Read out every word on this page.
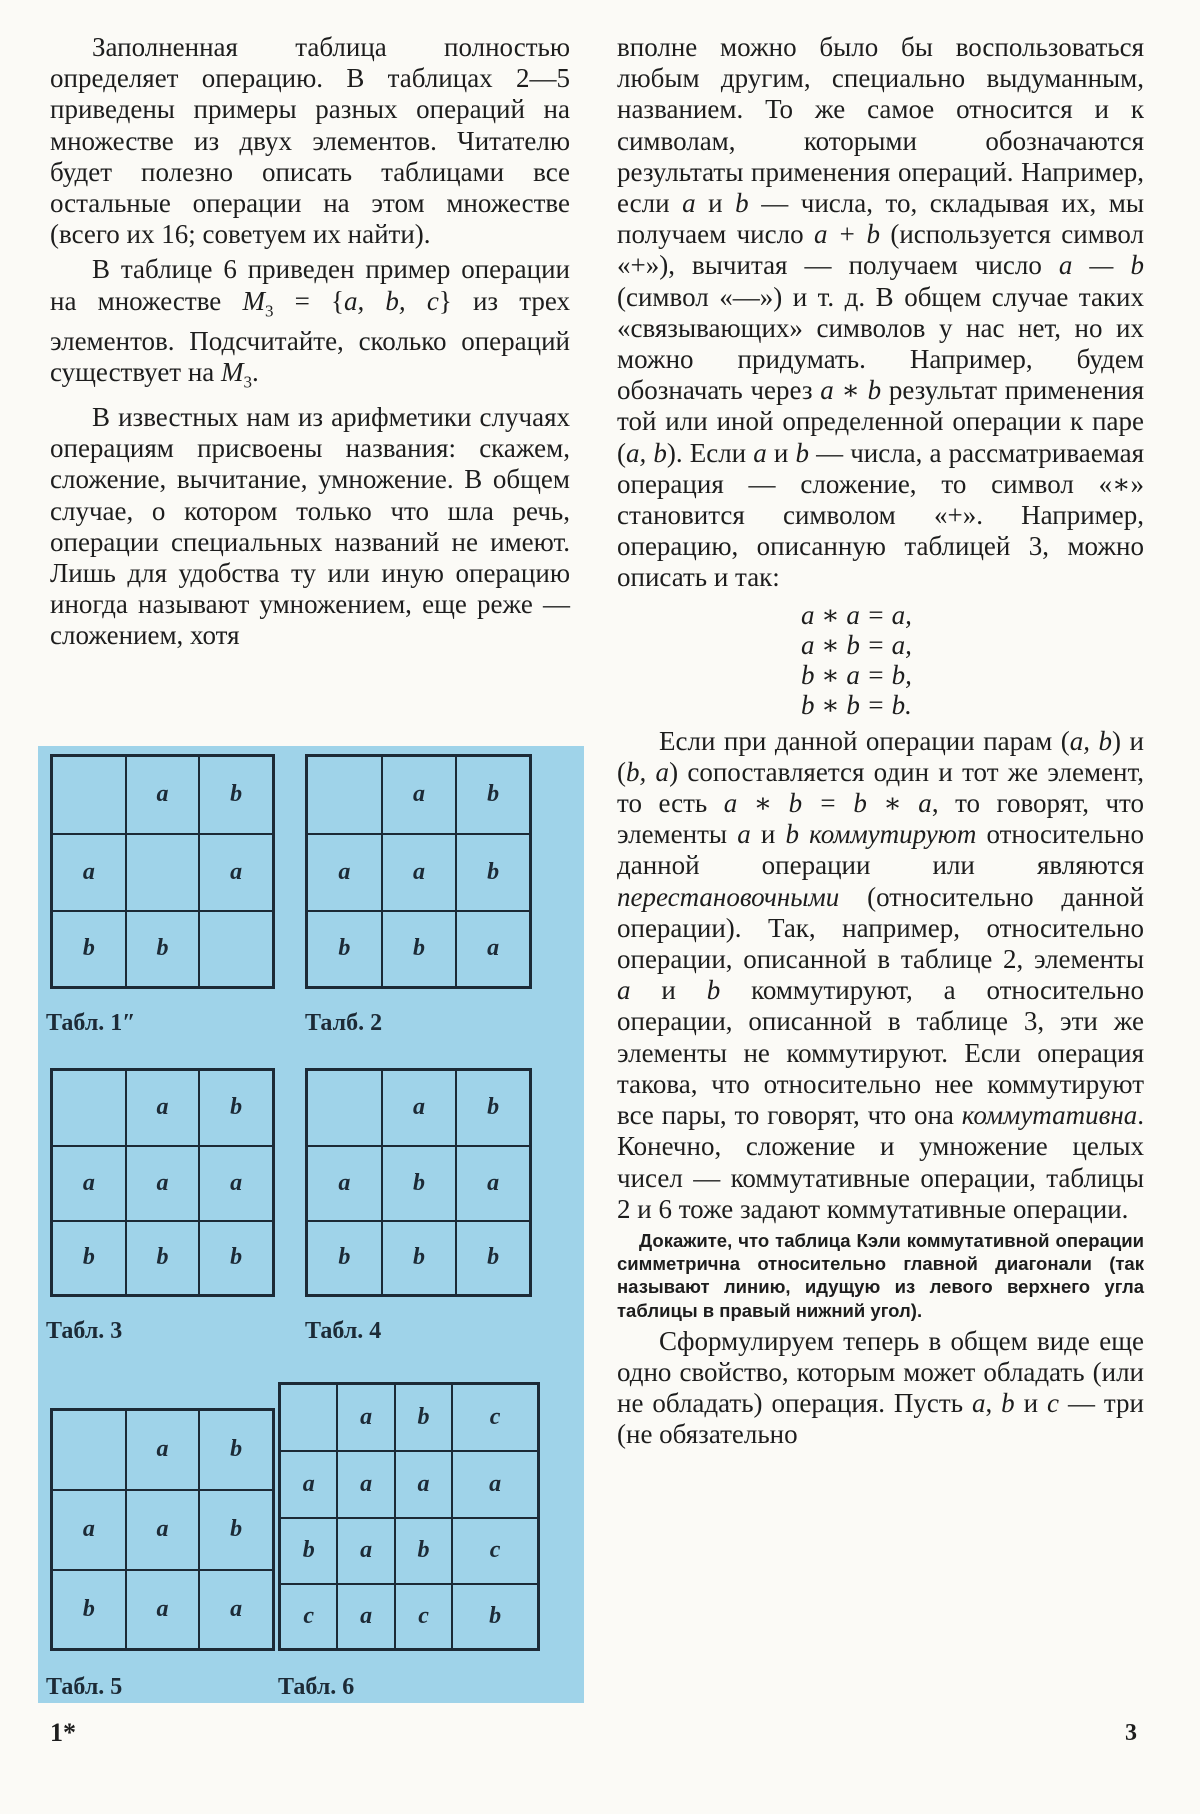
Заполненная таблица полностью определяет операцию. В таблицах 2—5 приведены примеры разных операций на множестве из двух элементов. Читателю будет полезно описать таблицами все остальные операции на этом множестве (всего их 16; советуем их найти).

В таблице 6 приведен пример операции на множестве $M_3 = \{a$, b, c} из трех элементов. Подсчитайте, сколько операций существует на $M_3$.

В известных нам из арифметики случаях операциям присвоены названия: скажем, сложение, вычитание, умножение. В общем случае, о котором только что шла речь, операции специальных названий не имеют. Лишь для удобства ту или иную операцию иногда называют умножением, еще реже — сложением, хотя

вполне можно было бы воспользоваться любым другим, специально выдуманным, названием. То же самое относится и к символам, которыми обозначаются результаты применения операций. Например, если a и b — числа, то, складывая их, мы получаем число a + b (используется символ «+»), вычитая — получаем число a — b (символ «—») и т. д. В общем случае таких «связывающих» символов у нас нет, но их можно придумать. Например, будем обозначать через a ∗ b результат применения той или иной определенной операции к паре (a, b). Если a и b — числа, а рассматриваемая операция — сложение, то символ «∗» становится символом «+». Например, операцию, описанную таблицей 3, можно описать и так:

a ∗ a = a,
a ∗ b = a,
b ∗ a = b,
b ∗ b = b.

Если при данной операции парам (a, b) и (b, a) сопоставляется один и тот же элемент, то есть a ∗ b = b ∗ a, то говорят, что элементы a и b коммутируют относительно данной операции или являются перестановочными (относительно данной операции). Так, например, относительно операции, описанной в таблице 2, элементы a и b коммутируют, а относительно операции, описанной в таблице 3, эти же элементы не коммутируют. Если операция такова, что относительно нее коммутируют все пары, то говорят, что она коммутативна. Конечно, сложение и умножение целых чисел — коммутативные операции, таблицы 2 и 6 тоже задают коммутативные операции.

Докажите, что таблица Кэли коммутативной операции симметрична относительно главной диагонали (так называют линию, идущую из левого верхнего угла таблицы в правый нижний угол).

Сформулируем теперь в общем виде еще одно свойство, которым может обладать (или не обладать) операция. Пусть a, b и c — три (не обязательно

	a	b
a		a
b	b	
Табл. 1″
	a	b
a	a	b
b	b	a
Талб. 2
	a	b
a	a	a
b	b	b
Табл. 3
	a	b
a	b	a
b	b	b
Табл. 4
	a	b
a	a	b
b	a	a
Табл. 5
	a	b	c
a	a	a	a
b	a	b	c
c	a	c	b
Табл. 6
1*	3
